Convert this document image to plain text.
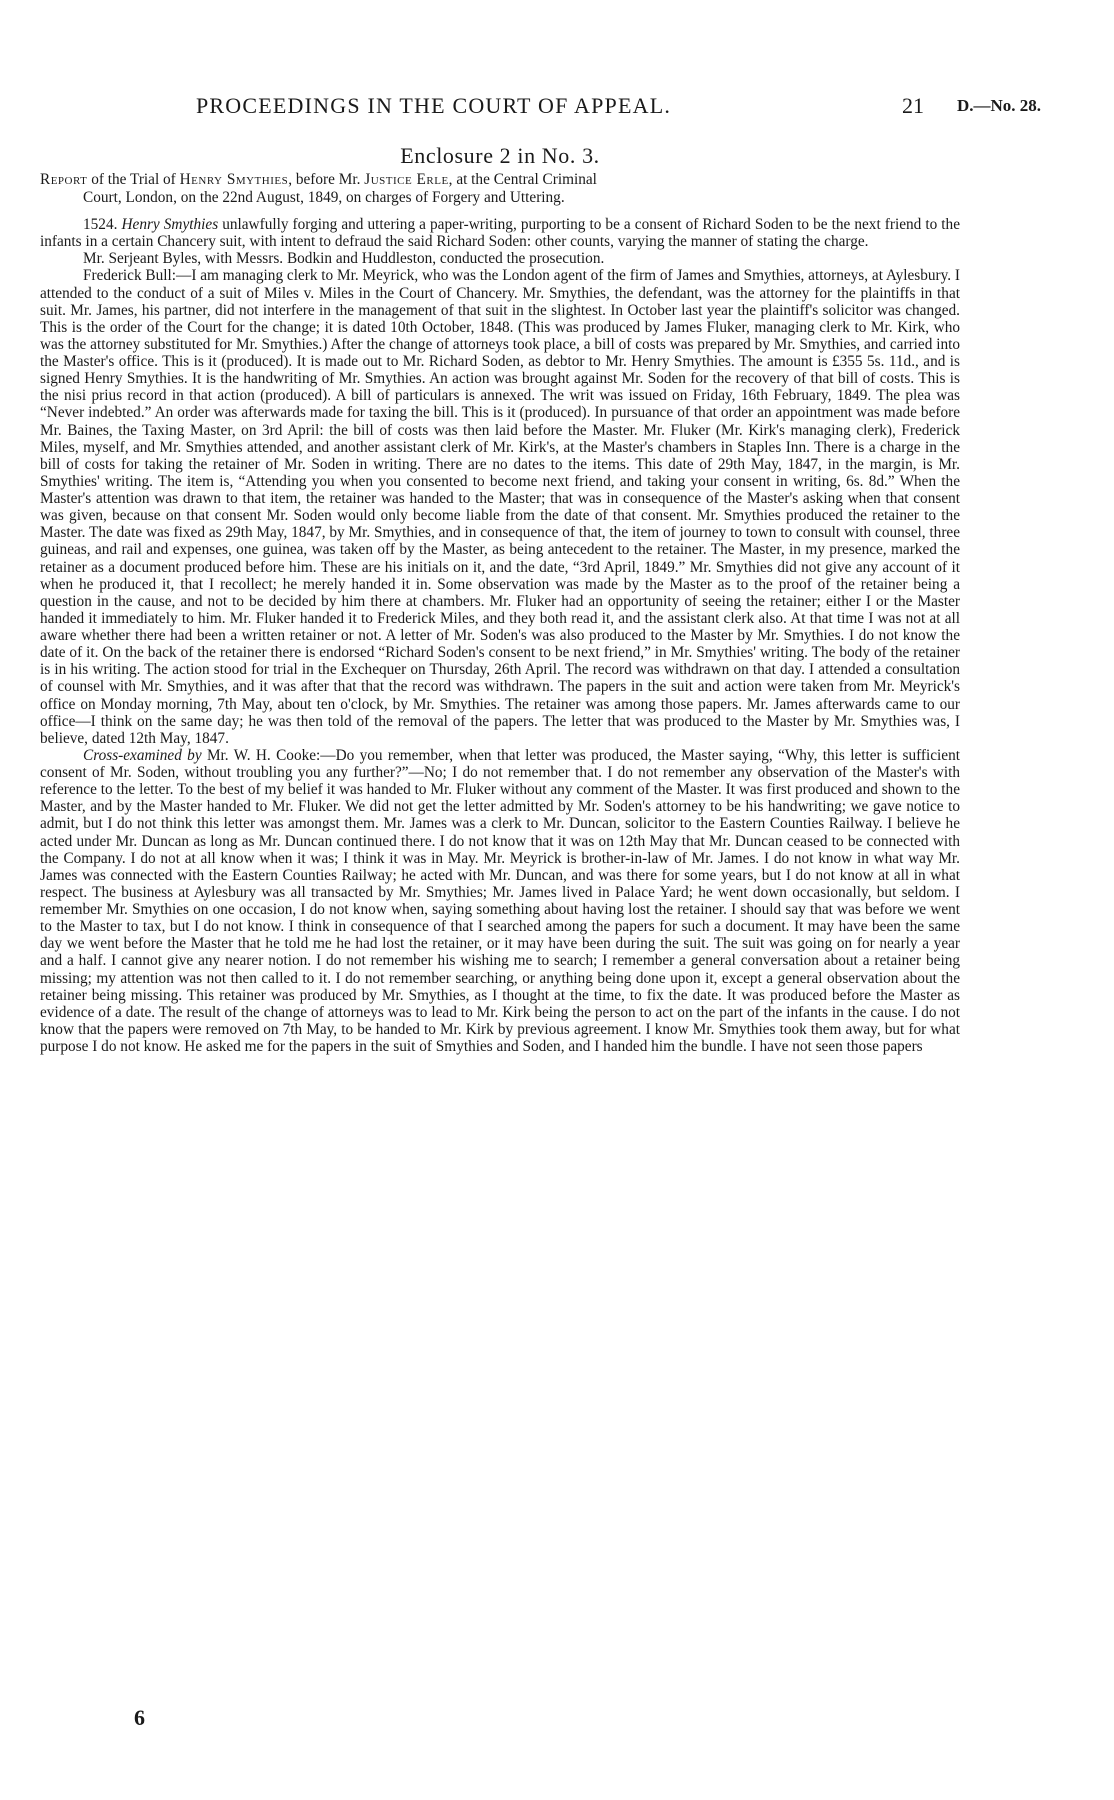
PROCEEDINGS IN THE COURT OF APPEAL.	21 D.—No. 28.
Enclosure 2 in No. 3.
Report of the Trial of Henry Smythies, before Mr. Justice Erle, at the Central Criminal
Court, London, on the 22nd August, 1849, on charges of Forgery and Uttering.

1524. Henry Smythies unlawfully forging and uttering a paper-writing, purporting to be a consent of Richard Soden to be the next friend to the infants in a certain Chancery suit, with intent to defraud the said Richard Soden: other counts, varying the manner of stating the charge.

Mr. Serjeant Byles, with Messrs. Bodkin and Huddleston, conducted the prosecution.

Frederick Bull:—I am managing clerk to Mr. Meyrick, who was the London agent of the firm of James and Smythies, attorneys, at Aylesbury. I attended to the conduct of a suit of Miles v. Miles in the Court of Chancery. Mr. Smythies, the defendant, was the attorney for the plaintiffs in that suit. Mr. James, his partner, did not interfere in the management of that suit in the slightest. In October last year the plaintiff's solicitor was changed. This is the order of the Court for the change; it is dated 10th October, 1848. (This was produced by James Fluker, managing clerk to Mr. Kirk, who was the attorney substituted for Mr. Smythies.) After the change of attorneys took place, a bill of costs was prepared by Mr. Smythies, and carried into the Master's office. This is it (produced). It is made out to Mr. Richard Soden, as debtor to Mr. Henry Smythies. The amount is £355 5s. 11d., and is signed Henry Smythies. It is the handwriting of Mr. Smythies. An action was brought against Mr. Soden for the recovery of that bill of costs. This is the nisi prius record in that action (produced). A bill of particulars is annexed. The writ was issued on Friday, 16th February, 1849. The plea was “Never indebted.” An order was afterwards made for taxing the bill. This is it (produced). In pursuance of that order an appointment was made before Mr. Baines, the Taxing Master, on 3rd April: the bill of costs was then laid before the Master. Mr. Fluker (Mr. Kirk's managing clerk), Frederick Miles, myself, and Mr. Smythies attended, and another assistant clerk of Mr. Kirk's, at the Master's chambers in Staples Inn. There is a charge in the bill of costs for taking the retainer of Mr. Soden in writing. There are no dates to the items. This date of 29th May, 1847, in the margin, is Mr. Smythies' writing. The item is, “Attending you when you consented to become next friend, and taking your consent in writing, 6s. 8d.” When the Master's attention was drawn to that item, the retainer was handed to the Master; that was in consequence of the Master's asking when that consent was given, because on that consent Mr. Soden would only become liable from the date of that consent. Mr. Smythies produced the retainer to the Master. The date was fixed as 29th May, 1847, by Mr. Smythies, and in consequence of that, the item of journey to town to consult with counsel, three guineas, and rail and expenses, one guinea, was taken off by the Master, as being antecedent to the retainer. The Master, in my presence, marked the retainer as a document produced before him. These are his initials on it, and the date, “3rd April, 1849.” Mr. Smythies did not give any account of it when he produced it, that I recollect; he merely handed it in. Some observation was made by the Master as to the proof of the retainer being a question in the cause, and not to be decided by him there at chambers. Mr. Fluker had an opportunity of seeing the retainer; either I or the Master handed it immediately to him. Mr. Fluker handed it to Frederick Miles, and they both read it, and the assistant clerk also. At that time I was not at all aware whether there had been a written retainer or not. A letter of Mr. Soden's was also produced to the Master by Mr. Smythies. I do not know the date of it. On the back of the retainer there is endorsed “Richard Soden's consent to be next friend,” in Mr. Smythies' writing. The body of the retainer is in his writing. The action stood for trial in the Exchequer on Thursday, 26th April. The record was withdrawn on that day. I attended a consultation of counsel with Mr. Smythies, and it was after that that the record was withdrawn. The papers in the suit and action were taken from Mr. Meyrick's office on Monday morning, 7th May, about ten o'clock, by Mr. Smythies. The retainer was among those papers. Mr. James afterwards came to our office—I think on the same day; he was then told of the removal of the papers. The letter that was produced to the Master by Mr. Smythies was, I believe, dated 12th May, 1847.

Cross-examined by Mr. W. H. Cooke:—Do you remember, when that letter was produced, the Master saying, “Why, this letter is sufficient consent of Mr. Soden, without troubling you any further?”—No; I do not remember that. I do not remember any observation of the Master's with reference to the letter. To the best of my belief it was handed to Mr. Fluker without any comment of the Master. It was first produced and shown to the Master, and by the Master handed to Mr. Fluker. We did not get the letter admitted by Mr. Soden's attorney to be his handwriting; we gave notice to admit, but I do not think this letter was amongst them. Mr. James was a clerk to Mr. Duncan, solicitor to the Eastern Counties Railway. I believe he acted under Mr. Duncan as long as Mr. Duncan continued there. I do not know that it was on 12th May that Mr. Duncan ceased to be connected with the Company. I do not at all know when it was; I think it was in May. Mr. Meyrick is brother-in-law of Mr. James. I do not know in what way Mr. James was connected with the Eastern Counties Railway; he acted with Mr. Duncan, and was there for some years, but I do not know at all in what respect. The business at Aylesbury was all transacted by Mr. Smythies; Mr. James lived in Palace Yard; he went down occasionally, but seldom. I remember Mr. Smythies on one occasion, I do not know when, saying something about having lost the retainer. I should say that was before we went to the Master to tax, but I do not know. I think in consequence of that I searched among the papers for such a document. It may have been the same day we went before the Master that he told me he had lost the retainer, or it may have been during the suit. The suit was going on for nearly a year and a half. I cannot give any nearer notion. I do not remember his wishing me to search; I remember a general conversation about a retainer being missing; my attention was not then called to it. I do not remember searching, or anything being done upon it, except a general observation about the retainer being missing. This retainer was produced by Mr. Smythies, as I thought at the time, to fix the date. It was produced before the Master as evidence of a date. The result of the change of attorneys was to lead to Mr. Kirk being the person to act on the part of the infants in the cause. I do not know that the papers were removed on 7th May, to be handed to Mr. Kirk by previous agreement. I know Mr. Smythies took them away, but for what purpose I do not know. He asked me for the papers in the suit of Smythies and Soden, and I handed him the bundle. I have not seen those papers

6
